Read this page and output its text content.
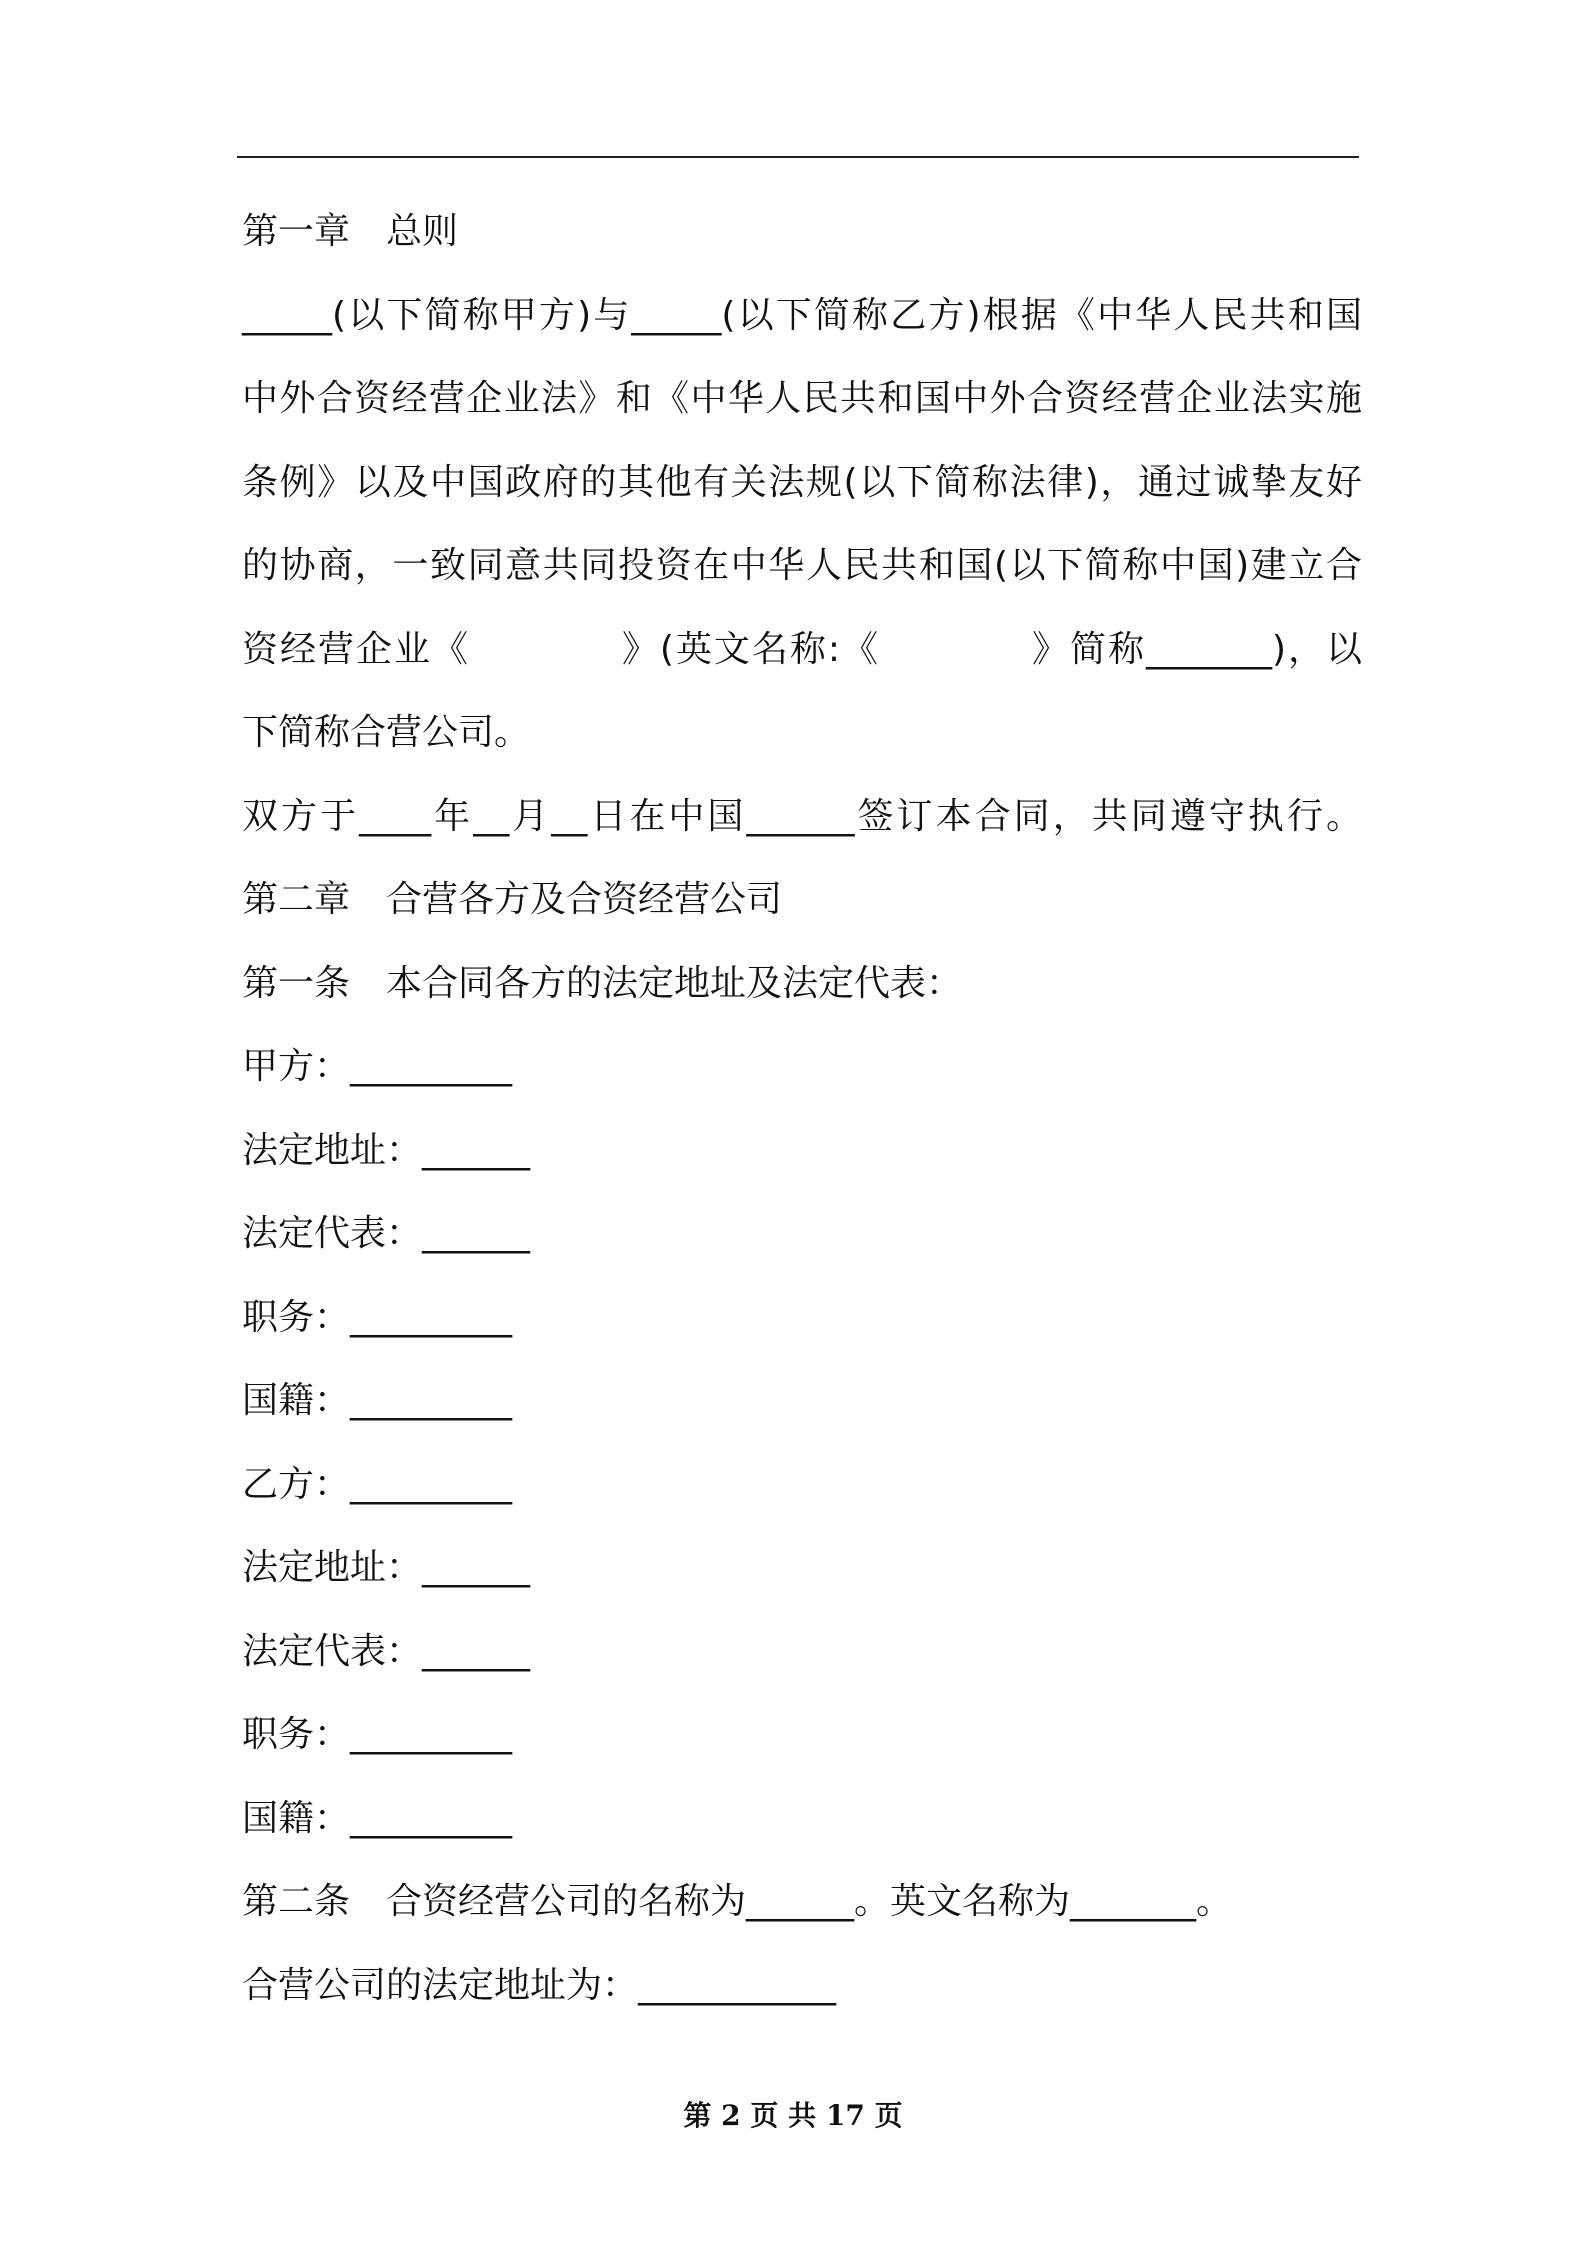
第一章　总则
_____(以下简称甲方)与_____(以下简称乙方)根据《中华人民共和国
中外合资经营企业法》和《中华人民共和国中外合资经营企业法实施
条例》以及中国政府的其他有关法规(以下简称法律)，通过诚挚友好
的协商，一致同意共同投资在中华人民共和国(以下简称中国)建立合
资经营企业《　　　　》(英文名称:《　　　　》简称_______)，以
下简称合营公司。
双方于____年__月__日在中国______签订本合同，共同遵守执行。
第二章　合营各方及合资经营公司
第一条　本合同各方的法定地址及法定代表：
甲方：_________
法定地址：______
法定代表：______
职务：_________
国籍：_________
乙方：_________
法定地址：______
法定代表：______
职务：_________
国籍：_________
第二条　合资经营公司的名称为______。英文名称为_______。
合营公司的法定地址为：___________
第 2 页 共 17 页
